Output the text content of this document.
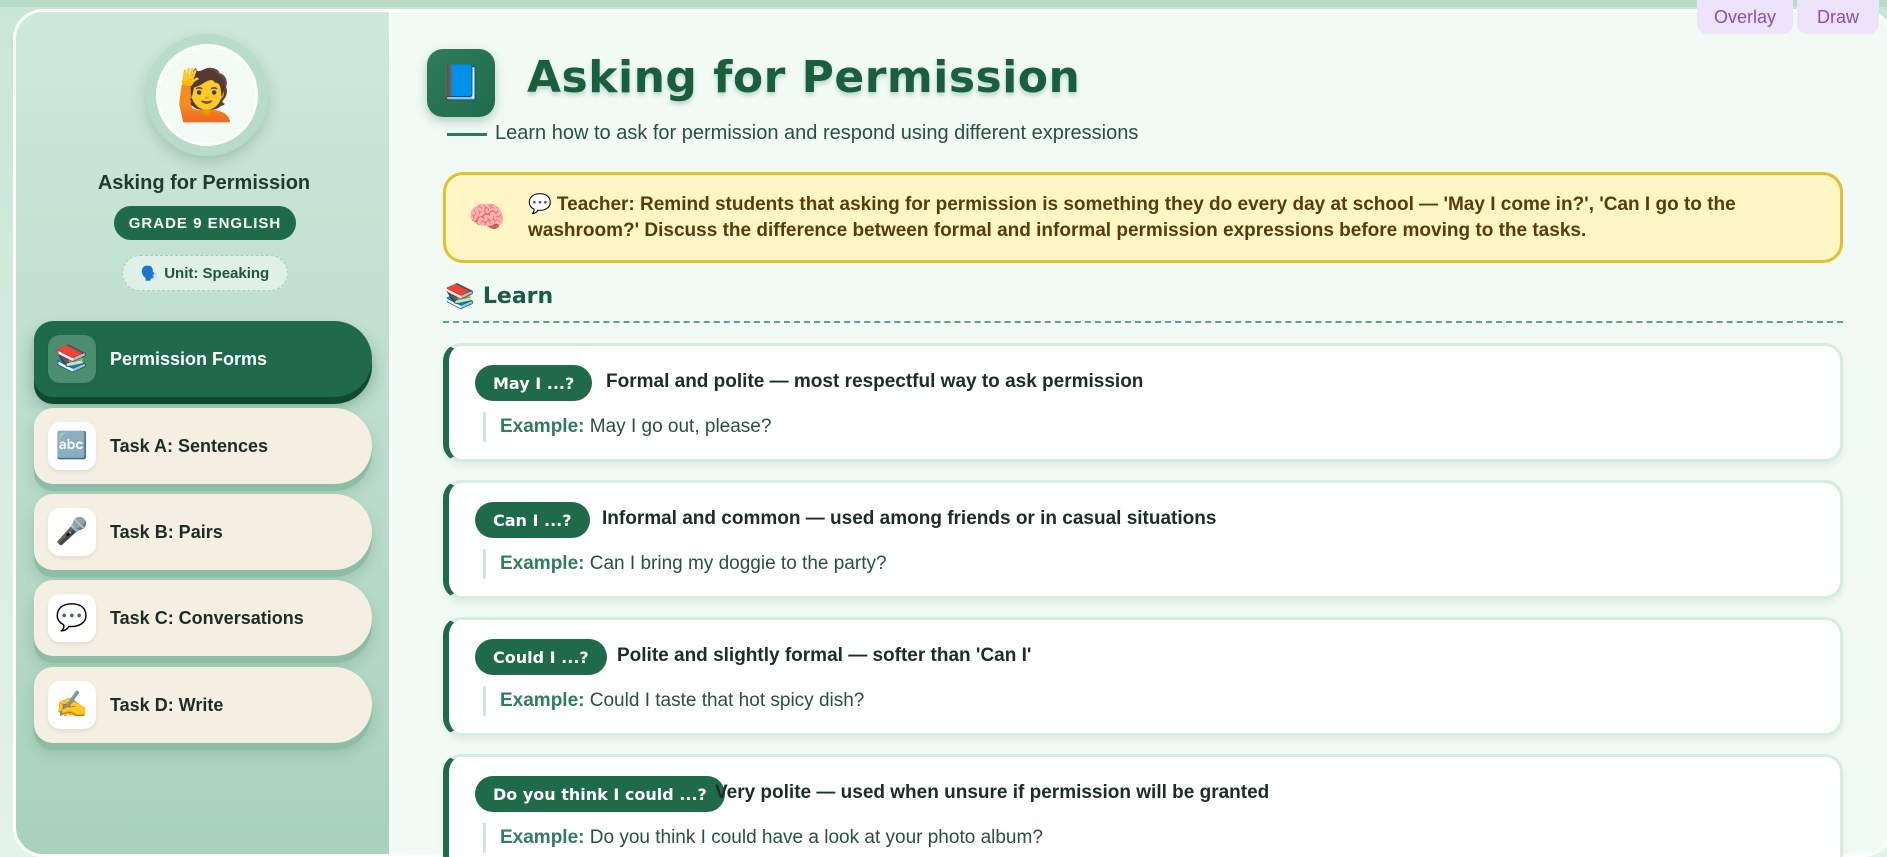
🙋
Asking for Permission
GRADE 9 ENGLISH
🗣️ Unit: Speaking
📚	Permission Forms
🔤	Task A: Sentences
🎤	Task B: Pairs
💬	Task C: Conversations
✍️	Task D: Write
📘 Asking for Permission
Learn how to ask for permission and respond using different expressions
🧠 💬 Teacher: Remind students that asking for permission is something they do every day at school — 'May I come in?', 'Can I go to the washroom?' Discuss the difference between formal and informal permission expressions before moving to the tasks.
📚 Learn
May I ...?	Formal and polite — most respectful way to ask permission
Example: May I go out, please?
Can I ...?	Informal and common — used among friends or in casual situations
Example: Can I bring my doggie to the party?
Could I ...?	Polite and slightly formal — softer than 'Can I'
Example: Could I taste that hot spicy dish?
Do you think I could ...? Very polite — used when unsure if permission will be granted
Example: Do you think I could have a look at your photo album?
Overlay	Draw
